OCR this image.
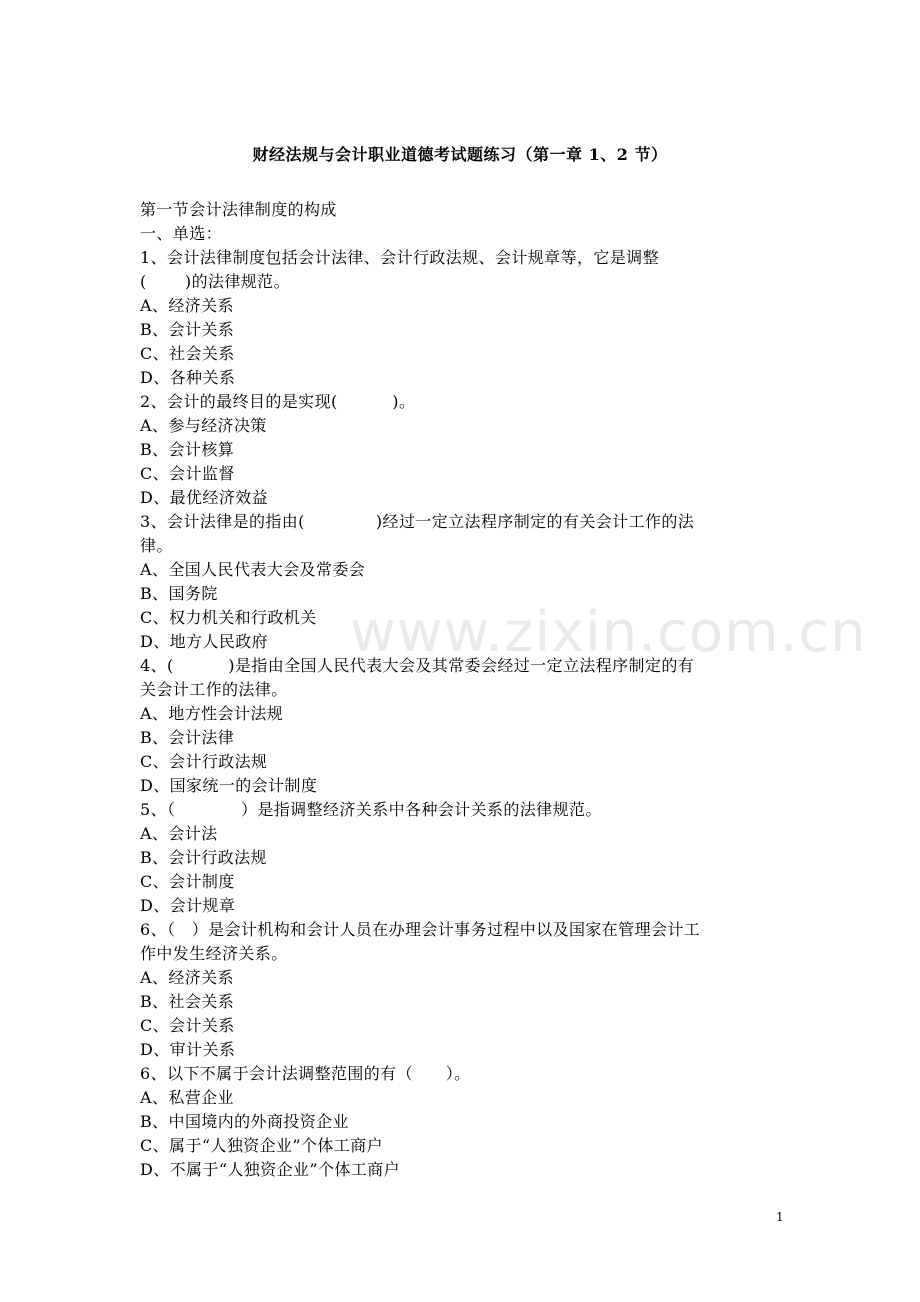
财经法规与会计职业道德考试题练习（第一章 1、2 节）
第一节会计法律制度的构成
一、单选：
1、会计法律制度包括会计法律、会计行政法规、会计规章等，它是调整
(　　 )的法律规范。
A、经济关系
B、会计关系
C、社会关系
D、各种关系
2、会计的最终目的是实现(　　　 )。
A、参与经济决策
B、会计核算
C、会计监督
D、最优经济效益
3、会计法律是的指由(　　　　 )经过一定立法程序制定的有关会计工作的法
律。
A、全国人民代表大会及常委会
B、国务院
C、权力机关和行政机关
D、地方人民政府
4、(　　　 )是指由全国人民代表大会及其常委会经过一定立法程序制定的有
关会计工作的法律。
A、地方性会计法规
B、会计法律
C、会计行政法规
D、国家统一的会计制度
5、（　　　　）是指调整经济关系中各种会计关系的法律规范。
A、会计法
B、会计行政法规
C、会计制度
D、会计规章
6、（　）是会计机构和会计人员在办理会计事务过程中以及国家在管理会计工
作中发生经济关系。
A、经济关系
B、社会关系
C、会计关系
D、审计关系
6、以下不属于会计法调整范围的有（　　）。
A、私营企业
B、中国境内的外商投资企业
C、属于“人独资企业”个体工商户
D、不属于“人独资企业”个体工商户
www.zixin.com.cn
1
